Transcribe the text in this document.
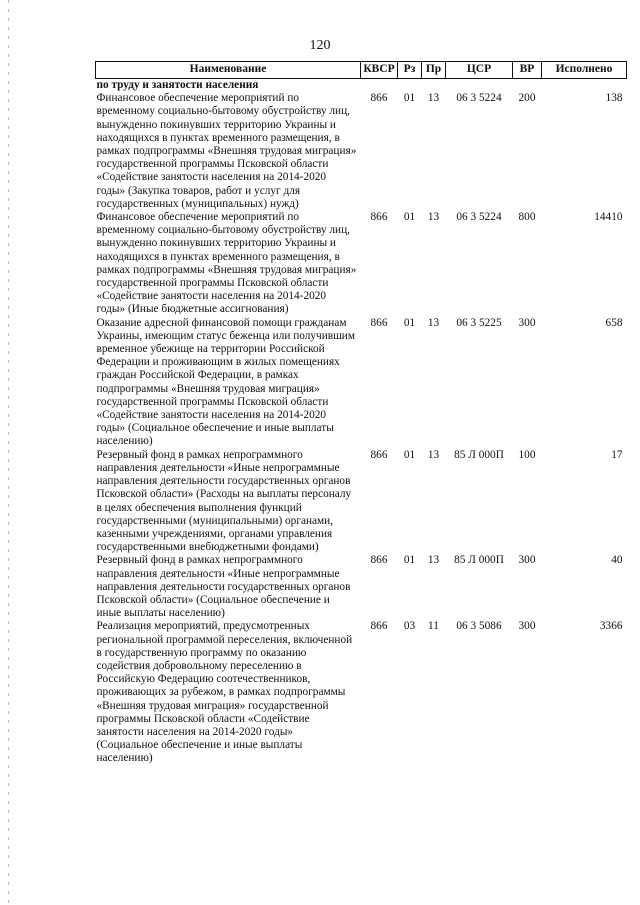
120
Наименование	КВСР	Рз	Пр	ЦСР	ВР	Исполнено
по труду и занятости населения						
Финансовое обеспечение мероприятий по временному социально-бытовому обустройству лиц, вынужденно покинувших территорию Украины и находящихся в пунктах временного размещения, в рамках подпрограммы «Внешняя трудовая миграция» государственной программы Псковской области «Содействие занятости населения на 2014-2020 годы» (Закупка товаров, работ и услуг для государственных (муниципальных) нужд)	866	01	13	06 3 5224	200	138
Финансовое обеспечение мероприятий по временному социально-бытовому обустройству лиц, вынужденно покинувших территорию Украины и находящихся в пунктах временного размещения, в рамках подпрограммы «Внешняя трудовая миграция» государственной программы Псковской области «Содействие занятости населения на 2014-2020 годы» (Иные бюджетные ассигнования)	866	01	13	06 3 5224	800	14410
Оказание адресной финансовой помощи гражданам Украины, имеющим статус беженца или получившим временное убежище на территории Российской Федерации и проживающим в жилых помещениях граждан Российской Федерации, в рамках подпрограммы «Внешняя трудовая миграция» государственной программы Псковской области «Содействие занятости населения на 2014-2020 годы» (Социальное обеспечение и иные выплаты населению)	866	01	13	06 3 5225	300	658
Резервный фонд в рамках непрограммного направления деятельности «Иные непрограммные направления деятельности государственных органов Псковской области» (Расходы на выплаты персоналу в целях обеспечения выполнения функций государственными (муниципальными) органами, казенными учреждениями, органами управления государственными внебюджетными фондами)	866	01	13	85 Л 000П	100	17
Резервный фонд в рамках непрограммного направления деятельности «Иные непрограммные направления деятельности государственных органов Псковской области» (Социальное обеспечение и иные выплаты населению)	866	01	13	85 Л 000П	300	40
Реализация мероприятий, предусмотренных региональной программой переселения, включенной в государственную программу по оказанию содействия добровольному переселению в Российскую Федерацию соотечественников, проживающих за рубежом, в рамках подпрограммы «Внешняя трудовая миграция» государственной программы Псковской области «Содействие занятости населения на 2014-2020 годы» (Социальное обеспечение и иные выплаты населению)	866	03	11	06 3 5086	300	3366
